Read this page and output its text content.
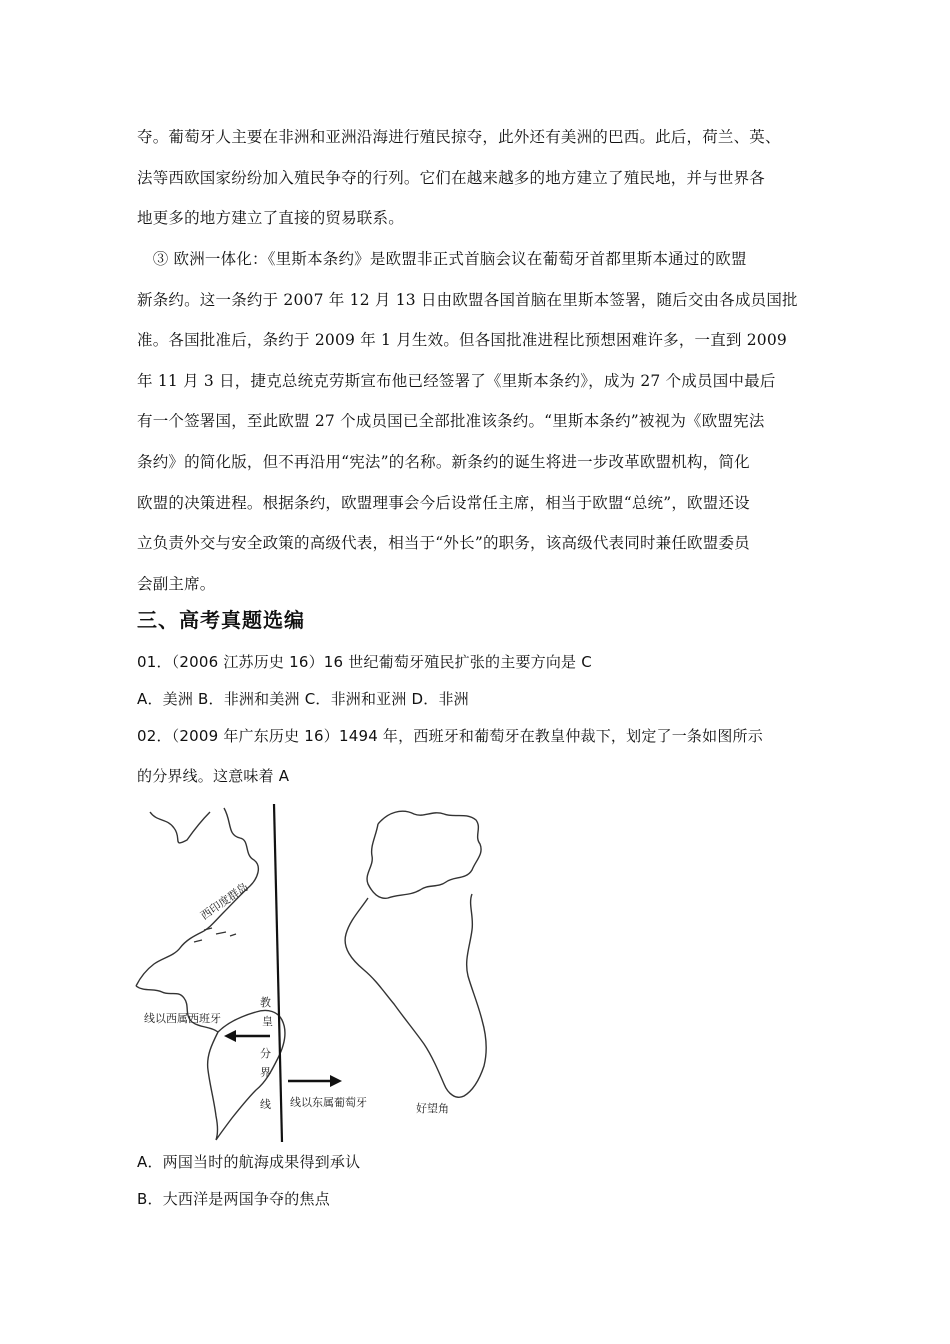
夺。葡萄牙人主要在非洲和亚洲沿海进行殖民掠夺，此外还有美洲的巴西。此后，荷兰、英、

法等西欧国家纷纷加入殖民争夺的行列。它们在越来越多的地方建立了殖民地，并与世界各

地更多的地方建立了直接的贸易联系。

　③ 欧洲一体化：《里斯本条约》是欧盟非正式首脑会议在葡萄牙首都里斯本通过的欧盟

新条约。这一条约于 2007 年 12 月 13 日由欧盟各国首脑在里斯本签署，随后交由各成员国批

准。各国批准后，条约于 2009 年 1 月生效。但各国批准进程比预想困难许多，一直到 2009

年 11 月 3 日，捷克总统克劳斯宣布他已经签署了《里斯本条约》，成为 27 个成员国中最后

有一个签署国，至此欧盟 27 个成员国已全部批准该条约。“里斯本条约”被视为《欧盟宪法

条约》的简化版，但不再沿用“宪法”的名称。新条约的诞生将进一步改革欧盟机构，简化

欧盟的决策进程。根据条约，欧盟理事会今后设常任主席，相当于欧盟“总统”，欧盟还设

立负责外交与安全政策的高级代表，相当于“外长”的职务，该高级代表同时兼任欧盟委员

会副主席。

三、高考真题选编
01．（2006 江苏历史 16）16 世纪葡萄牙殖民扩张的主要方向是 C
A．美洲 B．非洲和美洲 C．非洲和亚洲 D．非洲
02．（2009 年广东历史 16）1494 年，西班牙和葡萄牙在教皇仲裁下，划定了一条如图所示
的分界线。这意味着 A
西印度群岛
线以西属西班牙
线以东属葡萄牙
教
皇
分
界
线	好望角
A．两国当时的航海成果得到承认
B．大西洋是两国争夺的焦点
